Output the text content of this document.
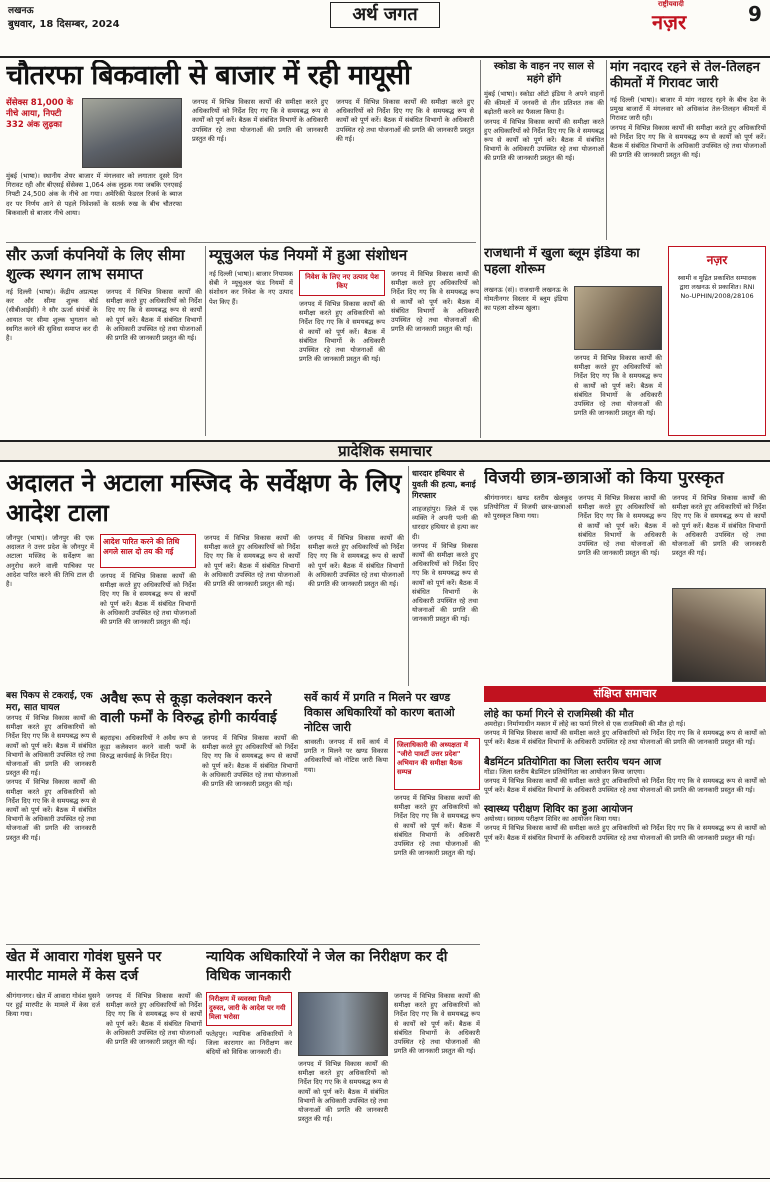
लखनऊ
बुधवार, 18 दिसम्बर, 2024	अर्थ जगत	राष्ट्रीयवादी
नज़र	9
चौतरफा बिकवाली से बाजार में रही मायूसी
सेंसेक्स 81,000 के नीचे आया, निफ्टी 332 अंक लुढ़का
मुंबई (भाषा)। स्थानीय शेयर बाजार में मंगलवार को लगातार दूसरे दिन गिरावट रही और बीएसई सेंसेक्स 1,064 अंक लुढ़क गया जबकि एनएसई निफ्टी 24,500 अंक के नीचे आ गया। अमेरिकी फेडरल रिजर्व के ब्याज दर पर निर्णय आने से पहले निवेशकों के सतर्क रुख के बीच चौतरफा बिकवाली से बाजार नीचे आया।
जनपद में विभिन्न विकास कार्यों की समीक्षा करते हुए अधिकारियों को निर्देश दिए गए कि वे समयबद्ध रूप से कार्यों को पूर्ण करें। बैठक में संबंधित विभागों के अधिकारी उपस्थित रहे तथा योजनाओं की प्रगति की जानकारी प्रस्तुत की गई।
जनपद में विभिन्न विकास कार्यों की समीक्षा करते हुए अधिकारियों को निर्देश दिए गए कि वे समयबद्ध रूप से कार्यों को पूर्ण करें। बैठक में संबंधित विभागों के अधिकारी उपस्थित रहे तथा योजनाओं की प्रगति की जानकारी प्रस्तुत की गई।
स्कोडा के वाहन नए साल से महंगे होंगे
मुंबई (भाषा)। स्कोडा ऑटो इंडिया ने अपने वाहनों की कीमतों में जनवरी से तीन प्रतिशत तक की बढ़ोतरी करने का फैसला किया है।
जनपद में विभिन्न विकास कार्यों की समीक्षा करते हुए अधिकारियों को निर्देश दिए गए कि वे समयबद्ध रूप से कार्यों को पूर्ण करें। बैठक में संबंधित विभागों के अधिकारी उपस्थित रहे तथा योजनाओं की प्रगति की जानकारी प्रस्तुत की गई।
मांग नदारद रहने से तेल-तिलहन कीमतों में गिरावट जारी
नई दिल्ली (भाषा)। बाजार में मांग नदारद रहने के बीच देश के प्रमुख बाजारों में मंगलवार को अधिकांश तेल-तिलहन कीमतों में गिरावट जारी रही।
जनपद में विभिन्न विकास कार्यों की समीक्षा करते हुए अधिकारियों को निर्देश दिए गए कि वे समयबद्ध रूप से कार्यों को पूर्ण करें। बैठक में संबंधित विभागों के अधिकारी उपस्थित रहे तथा योजनाओं की प्रगति की जानकारी प्रस्तुत की गई।
सौर ऊर्जा कंपनियों के लिए सीमा शुल्क स्थगन लाभ समाप्त
नई दिल्ली (भाषा)। केंद्रीय अप्रत्यक्ष कर और सीमा शुल्क बोर्ड (सीबीआईसी) ने सौर ऊर्जा संयंत्रों के आयात पर सीमा शुल्क भुगतान को स्थगित करने की सुविधा समाप्त कर दी है।
जनपद में विभिन्न विकास कार्यों की समीक्षा करते हुए अधिकारियों को निर्देश दिए गए कि वे समयबद्ध रूप से कार्यों को पूर्ण करें। बैठक में संबंधित विभागों के अधिकारी उपस्थित रहे तथा योजनाओं की प्रगति की जानकारी प्रस्तुत की गई।
म्यूचुअल फंड नियमों में हुआ संशोधन
नई दिल्ली (भाषा)। बाजार नियामक सेबी ने म्यूचुअल फंड नियमों में संशोधन कर निवेश के नए उत्पाद पेश किए हैं।
निवेश के लिए नए उत्पाद पेश किए
जनपद में विभिन्न विकास कार्यों की समीक्षा करते हुए अधिकारियों को निर्देश दिए गए कि वे समयबद्ध रूप से कार्यों को पूर्ण करें। बैठक में संबंधित विभागों के अधिकारी उपस्थित रहे तथा योजनाओं की प्रगति की जानकारी प्रस्तुत की गई।
जनपद में विभिन्न विकास कार्यों की समीक्षा करते हुए अधिकारियों को निर्देश दिए गए कि वे समयबद्ध रूप से कार्यों को पूर्ण करें। बैठक में संबंधित विभागों के अधिकारी उपस्थित रहे तथा योजनाओं की प्रगति की जानकारी प्रस्तुत की गई।
राजधानी में खुला ब्लूम इंडिया का पहला शोरूम
लखनऊ (सं)। राजधानी लखनऊ के गोमतीनगर विस्तार में ब्लूम इंडिया का पहला शोरूम खुला।
जनपद में विभिन्न विकास कार्यों की समीक्षा करते हुए अधिकारियों को निर्देश दिए गए कि वे समयबद्ध रूप से कार्यों को पूर्ण करें। बैठक में संबंधित विभागों के अधिकारी उपस्थित रहे तथा योजनाओं की प्रगति की जानकारी प्रस्तुत की गई।
नज़र
स्वामी व मुद्रित प्रकाशित सम्पादक द्वारा लखनऊ से प्रकाशित। RNI No-UPHIN/2008/28106
प्रादेशिक समाचार
अदालत ने अटाला मस्जिद के सर्वेक्षण के लिए आदेश टाला
जौनपुर (भाषा)। जौनपुर की एक अदालत ने उत्तर प्रदेश के जौनपुर में अटाला मस्जिद के सर्वेक्षण का अनुरोध करने वाली याचिका पर आदेश पारित करने की तिथि टाल दी है।
आदेश पारित करने की तिथि अगले साल दो तय की गई
जनपद में विभिन्न विकास कार्यों की समीक्षा करते हुए अधिकारियों को निर्देश दिए गए कि वे समयबद्ध रूप से कार्यों को पूर्ण करें। बैठक में संबंधित विभागों के अधिकारी उपस्थित रहे तथा योजनाओं की प्रगति की जानकारी प्रस्तुत की गई।
जनपद में विभिन्न विकास कार्यों की समीक्षा करते हुए अधिकारियों को निर्देश दिए गए कि वे समयबद्ध रूप से कार्यों को पूर्ण करें। बैठक में संबंधित विभागों के अधिकारी उपस्थित रहे तथा योजनाओं की प्रगति की जानकारी प्रस्तुत की गई।
जनपद में विभिन्न विकास कार्यों की समीक्षा करते हुए अधिकारियों को निर्देश दिए गए कि वे समयबद्ध रूप से कार्यों को पूर्ण करें। बैठक में संबंधित विभागों के अधिकारी उपस्थित रहे तथा योजनाओं की प्रगति की जानकारी प्रस्तुत की गई।
धारदार हथियार से युवती की हत्या, बनाई गिरफ्तार
शाहजहांपुर। जिले में एक व्यक्ति ने अपनी पत्नी की धारदार हथियार से हत्या कर दी।
जनपद में विभिन्न विकास कार्यों की समीक्षा करते हुए अधिकारियों को निर्देश दिए गए कि वे समयबद्ध रूप से कार्यों को पूर्ण करें। बैठक में संबंधित विभागों के अधिकारी उपस्थित रहे तथा योजनाओं की प्रगति की जानकारी प्रस्तुत की गई।
विजयी छात्र-छात्राओं को किया पुरस्कृत
श्रीगंगानगर। खण्ड स्तरीय खेलकूद प्रतियोगिता में विजयी छात्र-छात्राओं को पुरस्कृत किया गया।
जनपद में विभिन्न विकास कार्यों की समीक्षा करते हुए अधिकारियों को निर्देश दिए गए कि वे समयबद्ध रूप से कार्यों को पूर्ण करें। बैठक में संबंधित विभागों के अधिकारी उपस्थित रहे तथा योजनाओं की प्रगति की जानकारी प्रस्तुत की गई।
जनपद में विभिन्न विकास कार्यों की समीक्षा करते हुए अधिकारियों को निर्देश दिए गए कि वे समयबद्ध रूप से कार्यों को पूर्ण करें। बैठक में संबंधित विभागों के अधिकारी उपस्थित रहे तथा योजनाओं की प्रगति की जानकारी प्रस्तुत की गई।
संक्षिप्त समाचार
लोहे का फर्मा गिरने से राजमिस्त्री की मौत
अमरोहा। निर्माणाधीन मकान में लोहे का फर्मा गिरने से एक राजमिस्त्री की मौत हो गई।
जनपद में विभिन्न विकास कार्यों की समीक्षा करते हुए अधिकारियों को निर्देश दिए गए कि वे समयबद्ध रूप से कार्यों को पूर्ण करें। बैठक में संबंधित विभागों के अधिकारी उपस्थित रहे तथा योजनाओं की प्रगति की जानकारी प्रस्तुत की गई।
बैडमिंटन प्रतियोगिता का जिला स्तरीय चयन आज
गोंडा। जिला स्तरीय बैडमिंटन प्रतियोगिता का आयोजन किया जाएगा।
जनपद में विभिन्न विकास कार्यों की समीक्षा करते हुए अधिकारियों को निर्देश दिए गए कि वे समयबद्ध रूप से कार्यों को पूर्ण करें। बैठक में संबंधित विभागों के अधिकारी उपस्थित रहे तथा योजनाओं की प्रगति की जानकारी प्रस्तुत की गई।
स्वास्थ्य परीक्षण शिविर का हुआ आयोजन
अयोध्या। स्वास्थ्य परीक्षण शिविर का आयोजन किया गया।
जनपद में विभिन्न विकास कार्यों की समीक्षा करते हुए अधिकारियों को निर्देश दिए गए कि वे समयबद्ध रूप से कार्यों को पूर्ण करें। बैठक में संबंधित विभागों के अधिकारी उपस्थित रहे तथा योजनाओं की प्रगति की जानकारी प्रस्तुत की गई।
बस पिकप से टकराई, एक मरा, सात घायल
जनपद में विभिन्न विकास कार्यों की समीक्षा करते हुए अधिकारियों को निर्देश दिए गए कि वे समयबद्ध रूप से कार्यों को पूर्ण करें। बैठक में संबंधित विभागों के अधिकारी उपस्थित रहे तथा योजनाओं की प्रगति की जानकारी प्रस्तुत की गई।
जनपद में विभिन्न विकास कार्यों की समीक्षा करते हुए अधिकारियों को निर्देश दिए गए कि वे समयबद्ध रूप से कार्यों को पूर्ण करें। बैठक में संबंधित विभागों के अधिकारी उपस्थित रहे तथा योजनाओं की प्रगति की जानकारी प्रस्तुत की गई।
अवैध रूप से कूड़ा कलेक्शन करने वाली फर्मों के विरुद्ध होगी कार्यवाई
बहराइच। अधिकारियों ने अवैध रूप से कूड़ा कलेक्शन करने वाली फर्मों के विरुद्ध कार्यवाई के निर्देश दिए।
जनपद में विभिन्न विकास कार्यों की समीक्षा करते हुए अधिकारियों को निर्देश दिए गए कि वे समयबद्ध रूप से कार्यों को पूर्ण करें। बैठक में संबंधित विभागों के अधिकारी उपस्थित रहे तथा योजनाओं की प्रगति की जानकारी प्रस्तुत की गई।
सर्वे कार्य में प्रगति न मिलने पर खण्ड विकास अधिकारियों को कारण बताओ नोटिस जारी
श्रावस्ती। जनपद में सर्वे कार्य में प्रगति न मिलने पर खण्ड विकास अधिकारियों को नोटिस जारी किया गया।
जिलाधिकारी की अध्यक्षता में "जीरो पावर्टी उत्तर प्रदेश" अभियान की समीक्षा बैठक सम्पन्न
जनपद में विभिन्न विकास कार्यों की समीक्षा करते हुए अधिकारियों को निर्देश दिए गए कि वे समयबद्ध रूप से कार्यों को पूर्ण करें। बैठक में संबंधित विभागों के अधिकारी उपस्थित रहे तथा योजनाओं की प्रगति की जानकारी प्रस्तुत की गई।
खेत में आवारा गोवंश घुसने पर मारपीट मामले में केस दर्ज
श्रीगंगानगर। खेत में आवारा गोवंश घुसने पर हुई मारपीट के मामले में केस दर्ज किया गया।
जनपद में विभिन्न विकास कार्यों की समीक्षा करते हुए अधिकारियों को निर्देश दिए गए कि वे समयबद्ध रूप से कार्यों को पूर्ण करें। बैठक में संबंधित विभागों के अधिकारी उपस्थित रहे तथा योजनाओं की प्रगति की जानकारी प्रस्तुत की गई।
न्यायिक अधिकारियों ने जेल का निरीक्षण कर दी विधिक जानकारी
निरीक्षण में व्यवस्था मिली दुरुस्त, जारी के आदेश पर गयी मिला भरोसा
फतेहपुर। न्यायिक अधिकारियों ने जिला कारागार का निरीक्षण कर बंदियों को विधिक जानकारी दी।
जनपद में विभिन्न विकास कार्यों की समीक्षा करते हुए अधिकारियों को निर्देश दिए गए कि वे समयबद्ध रूप से कार्यों को पूर्ण करें। बैठक में संबंधित विभागों के अधिकारी उपस्थित रहे तथा योजनाओं की प्रगति की जानकारी प्रस्तुत की गई।
जनपद में विभिन्न विकास कार्यों की समीक्षा करते हुए अधिकारियों को निर्देश दिए गए कि वे समयबद्ध रूप से कार्यों को पूर्ण करें। बैठक में संबंधित विभागों के अधिकारी उपस्थित रहे तथा योजनाओं की प्रगति की जानकारी प्रस्तुत की गई।
